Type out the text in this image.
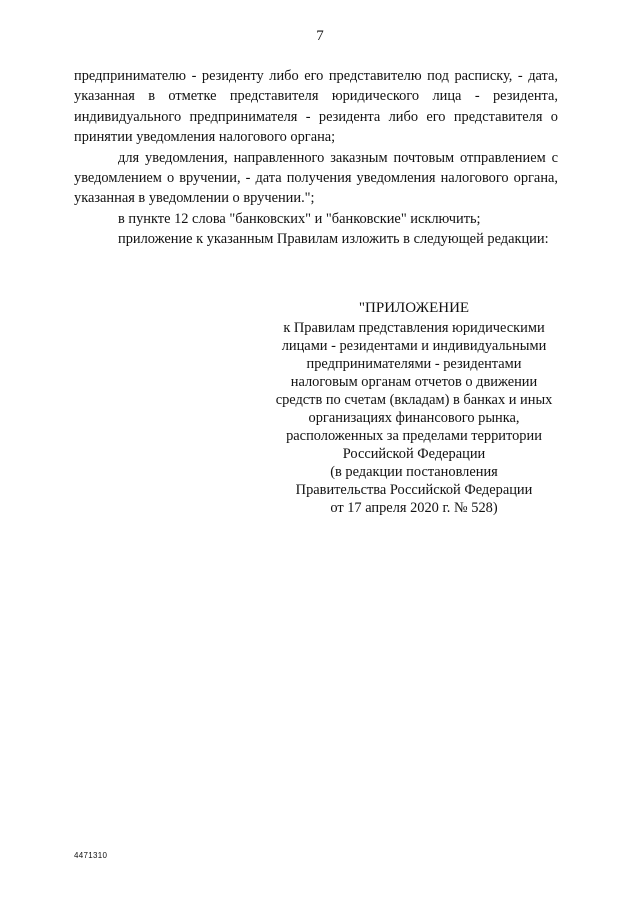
7

предпринимателю - резиденту либо его представителю под расписку, - дата, указанная в отметке представителя юридического лица - резидента, индивидуального предпринимателя - резидента либо его представителя о принятии уведомления налогового органа;

для уведомления, направленного заказным почтовым отправлением с уведомлением о вручении, - дата получения уведомления налогового органа, указанная в уведомлении о вручении.";

в пункте 12 слова "банковских" и "банковские" исключить;

приложение к указанным Правилам изложить в следующей редакции:

"ПРИЛОЖЕНИЕ
к Правилам представления юридическими
лицами - резидентами и индивидуальными
предпринимателями - резидентами
налоговым органам отчетов о движении
средств по счетам (вкладам) в банках и иных
организациях финансового рынка,
расположенных за пределами территории
Российской Федерации
(в редакции постановления
Правительства Российской Федерации
от 17 апреля 2020 г. № 528)
4471310
